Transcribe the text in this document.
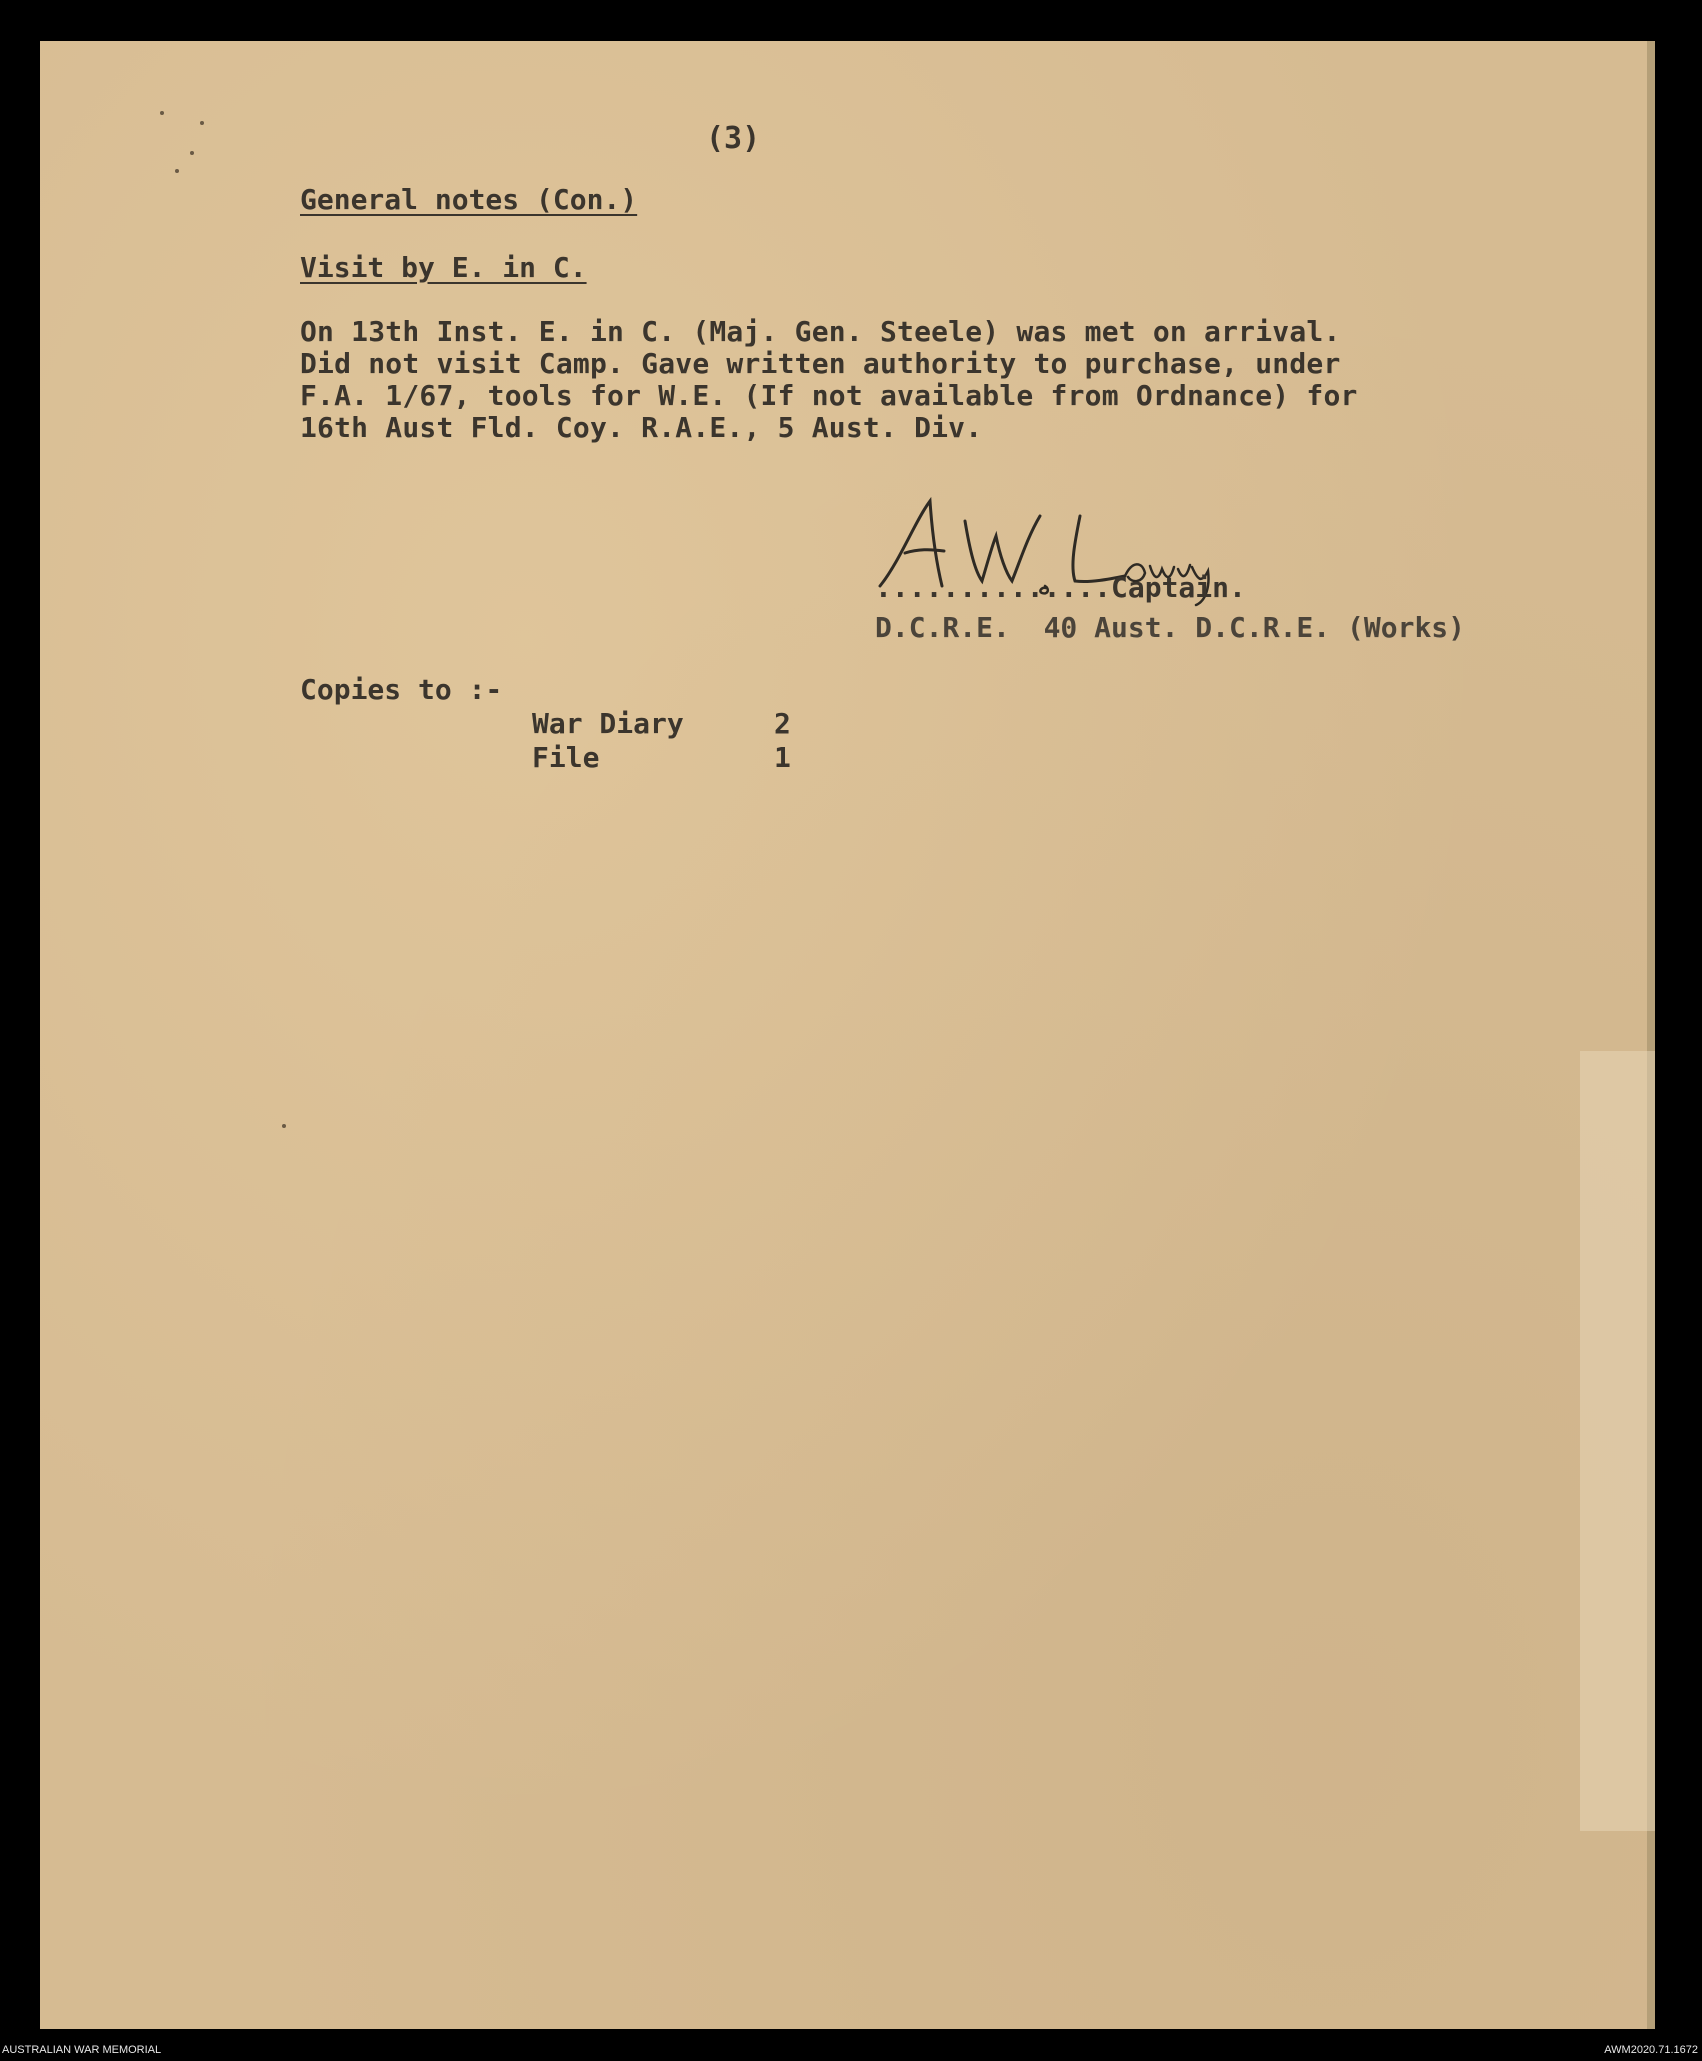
(3)
General notes (Con.)
Visit by E. in C.
On 13th Inst. E. in C. (Maj. Gen. Steele) was met on arrival.
Did not visit Camp. Gave written authority to purchase, under
F.A. 1/67, tools for W.E. (If not available from Ordnance) for
16th Aust Fld. Coy. R.A.E., 5 Aust. Div.
..............Captain.
D.C.R.E.  40 Aust. D.C.R.E. (Works)
Copies to :-
War Diary	2
File	1
AUSTRALIAN WAR MEMORIAL	AWM2020.71.1672
